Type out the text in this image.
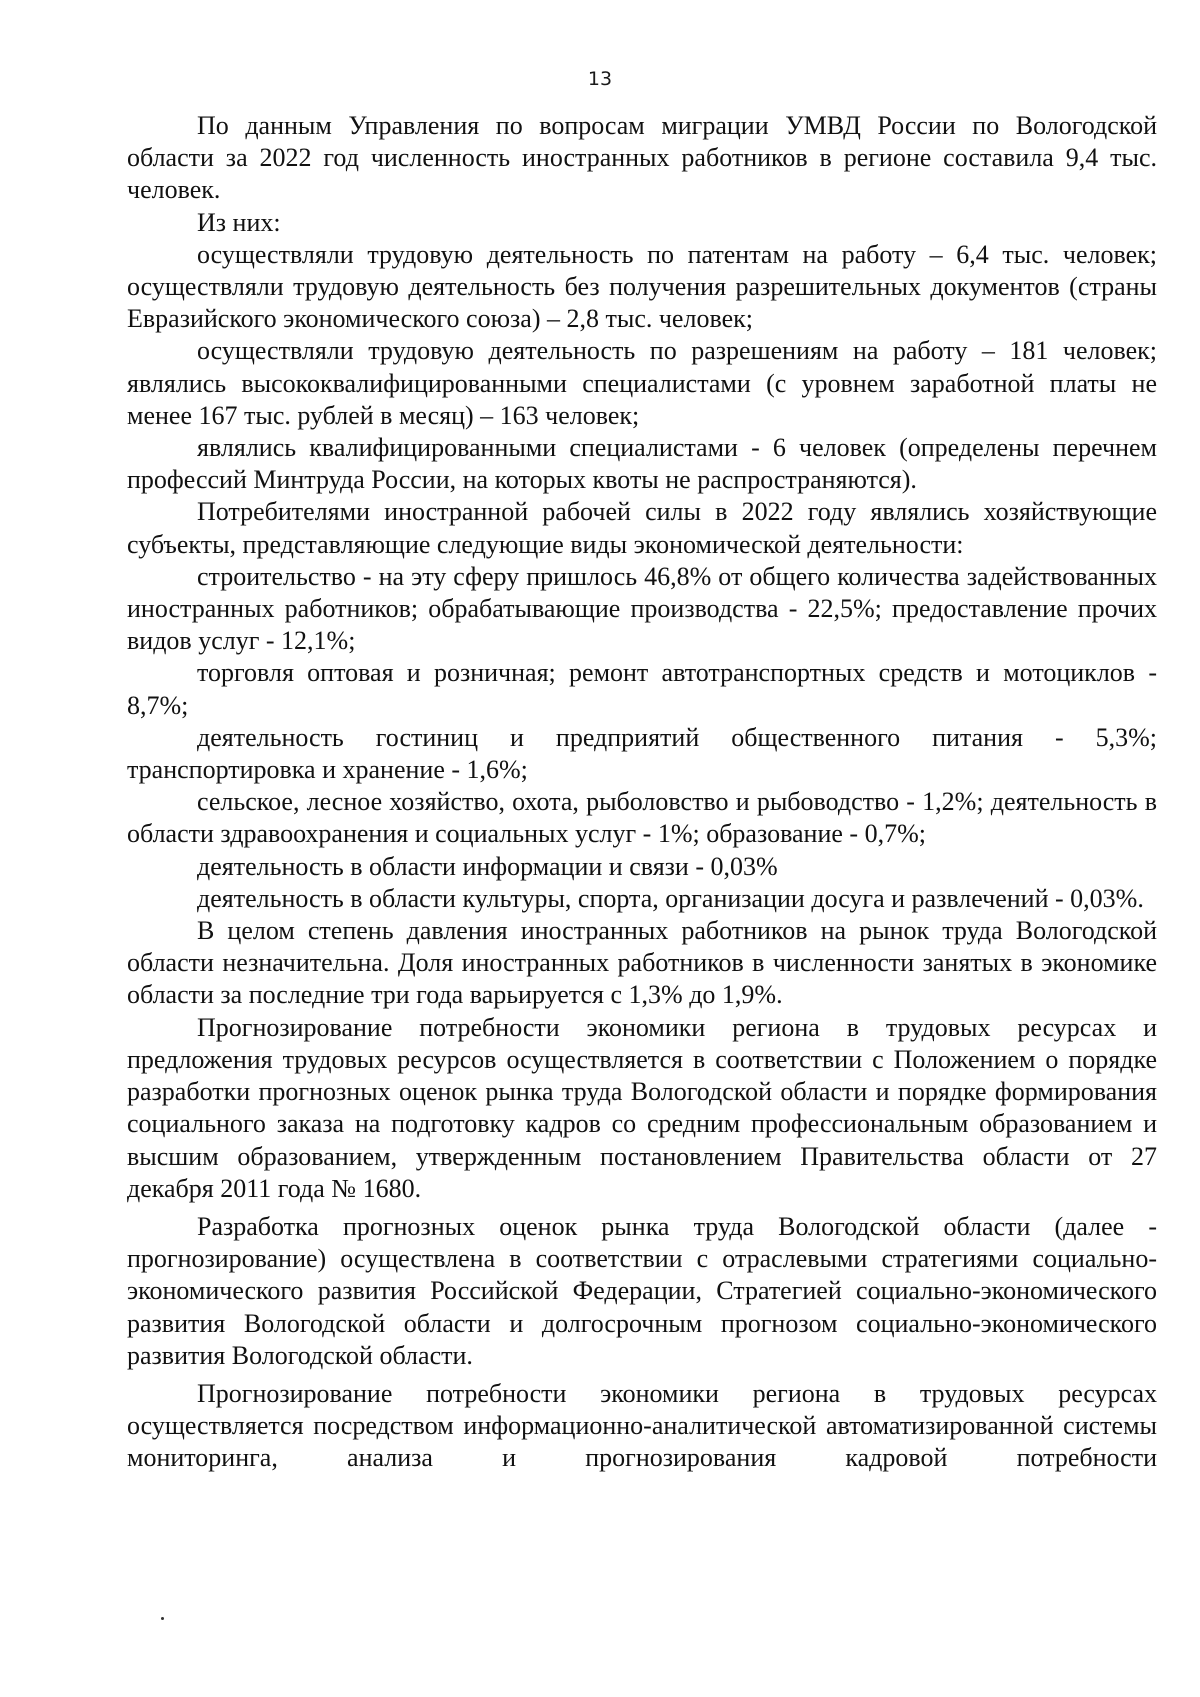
13

По данным Управления по вопросам миграции УМВД России по Вологодской области за 2022 год численность иностранных работников в регионе составила 9,4 тыс. человек.

Из них:

осуществляли трудовую деятельность по патентам на работу – 6,4 тыс. человек; осуществляли трудовую деятельность без получения разрешительных документов (страны Евразийского экономического союза) – 2,8 тыс. человек;

осуществляли трудовую деятельность по разрешениям на работу – 181 человек; являлись высококвалифицированными специалистами (с уровнем заработной платы не менее 167 тыс. рублей в месяц) – 163 человек;

являлись квалифицированными специалистами - 6 человек (определены перечнем профессий Минтруда России, на которых квоты не распространяются).

Потребителями иностранной рабочей силы в 2022 году являлись хозяйствующие субъекты, представляющие следующие виды экономической деятельности:

строительство - на эту сферу пришлось 46,8% от общего количества задействованных иностранных работников; обрабатывающие производства - 22,5%; предоставление прочих видов услуг - 12,1%;

торговля оптовая и розничная; ремонт автотранспортных средств и мотоциклов - 8,7%;

деятельность гостиниц и предприятий общественного питания - 5,3%; транспортировка и хранение - 1,6%;

сельское, лесное хозяйство, охота, рыболовство и рыбоводство - 1,2%; деятельность в области здравоохранения и социальных услуг - 1%; образование - 0,7%;

деятельность в области информации и связи - 0,03%

деятельность в области культуры, спорта, организации досуга и развлечений - 0,03%.

В целом степень давления иностранных работников на рынок труда Вологодской области незначительна. Доля иностранных работников в численности занятых в экономике области за последние три года варьируется с 1,3% до 1,9%.

Прогнозирование потребности экономики региона в трудовых ресурсах и предложения трудовых ресурсов осуществляется в соответствии с Положением о порядке разработки прогнозных оценок рынка труда Вологодской области и порядке формирования социального заказа на подготовку кадров со средним профессиональным образованием и высшим образованием, утвержденным постановлением Правительства области от 27 декабря 2011 года № 1680.

Разработка прогнозных оценок рынка труда Вологодской области (далее - прогнозирование) осуществлена в соответствии с отраслевыми стратегиями социально-экономического развития Российской Федерации, Стратегией социально-экономического развития Вологодской области и долгосрочным прогнозом социально-экономического развития Вологодской области.

Прогнозирование потребности экономики региона в трудовых ресурсах осуществляется посредством информационно-аналитической автоматизированной системы мониторинга, анализа и прогнозирования кадровой потребности
